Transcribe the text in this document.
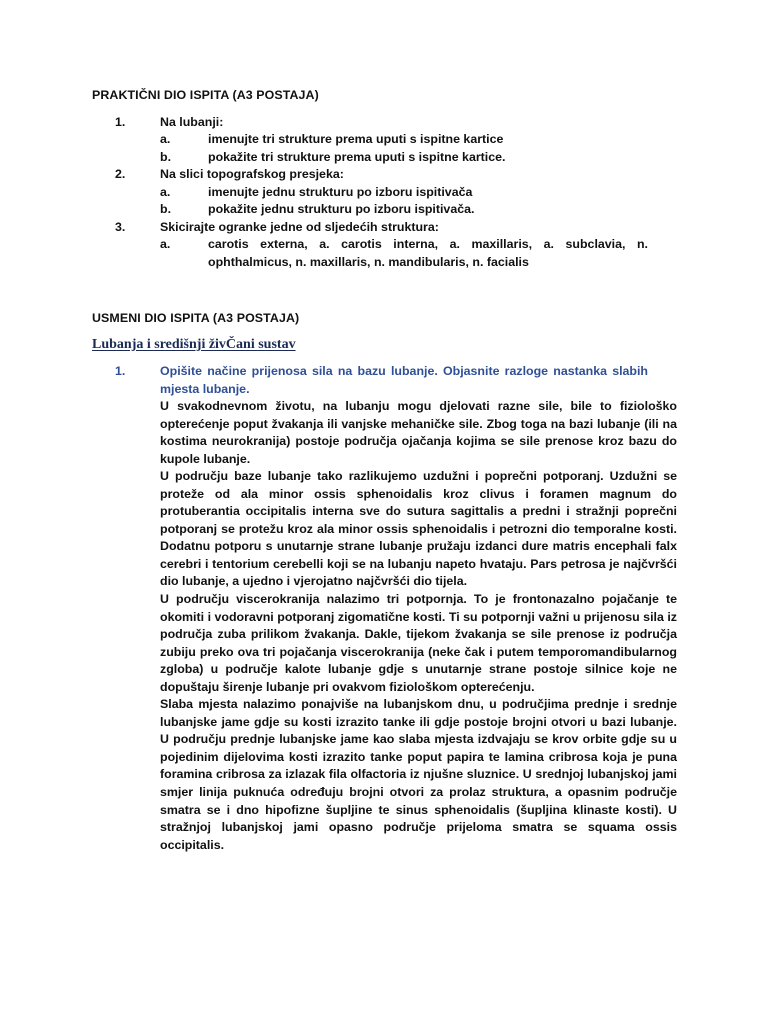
PRAKTIČNI DIO ISPITA (A3 POSTAJA)
1.	Na lubanji:
a.	imenujte tri strukture prema uputi s ispitne kartice
b.	pokažite tri strukture prema uputi s ispitne kartice.
2.	Na slici topografskog presjeka:
a.	imenujte jednu strukturu po izboru ispitivača
b.	pokažite jednu strukturu po izboru ispitivača.
3.	Skicirajte ogranke jedne od sljedećih struktura:
a.	carotis externa, a. carotis interna, a. maxillaris, a. subclavia, n. ophthalmicus, n. maxillaris, n. mandibularis, n. facialis
USMENI DIO ISPITA (A3 POSTAJA)
Lubanja i središnji živČani sustav
1.	Opišite načine prijenosa sila na bazu lubanje. Objasnite razloge nastanka slabih mjesta lubanje.

U svakodnevnom životu, na lubanju mogu djelovati razne sile, bile to fiziološko opterećenje poput žvakanja ili vanjske mehaničke sile. Zbog toga na bazi lubanje (ili na kostima neurokranija) postoje područja ojačanja kojima se sile prenose kroz bazu do kupole lubanje.

U području baze lubanje tako razlikujemo uzdužni i poprečni potporanj. Uzdužni se proteže od ala minor ossis sphenoidalis kroz clivus i foramen magnum do protuberantia occipitalis interna sve do sutura sagittalis a predni i stražnji poprečni potporanj se protežu kroz ala minor ossis sphenoidalis i petrozni dio temporalne kosti. Dodatnu potporu s unutarnje strane lubanje pružaju izdanci dure matris encephali falx cerebri i tentorium cerebelli koji se na lubanju napeto hvataju. Pars petrosa je najčvršći dio lubanje, a ujedno i vjerojatno najčvršći dio tijela.

U području viscerokranija nalazimo tri potpornja. To je frontonazalno pojačanje te okomiti i vodoravni potporanj zigomatične kosti. Ti su potpornji važni u prijenosu sila iz područja zuba prilikom žvakanja. Dakle, tijekom žvakanja se sile prenose iz područja zubiju preko ova tri pojačanja viscerokranija (neke čak i putem temporomandibularnog zgloba) u područje kalote lubanje gdje s unutarnje strane postoje silnice koje ne dopuštaju širenje lubanje pri ovakvom fiziološkom opterećenju.

Slaba mjesta nalazimo ponajviše na lubanjskom dnu, u područjima prednje i srednje lubanjske jame gdje su kosti izrazito tanke ili gdje postoje brojni otvori u bazi lubanje. U području prednje lubanjske jame kao slaba mjesta izdvajaju se krov orbite gdje su u pojedinim dijelovima kosti izrazito tanke poput papira te lamina cribrosa koja je puna foramina cribrosa za izlazak fila olfactoria iz njušne sluznice. U srednjoj lubanjskoj jami smjer linija puknuća određuju brojni otvori za prolaz struktura, a opasnim područje smatra se i dno hipofizne šupljine te sinus sphenoidalis (šupljina klinaste kosti). U stražnjoj lubanjskoj jami opasno područje prijeloma smatra se squama ossis occipitalis.
